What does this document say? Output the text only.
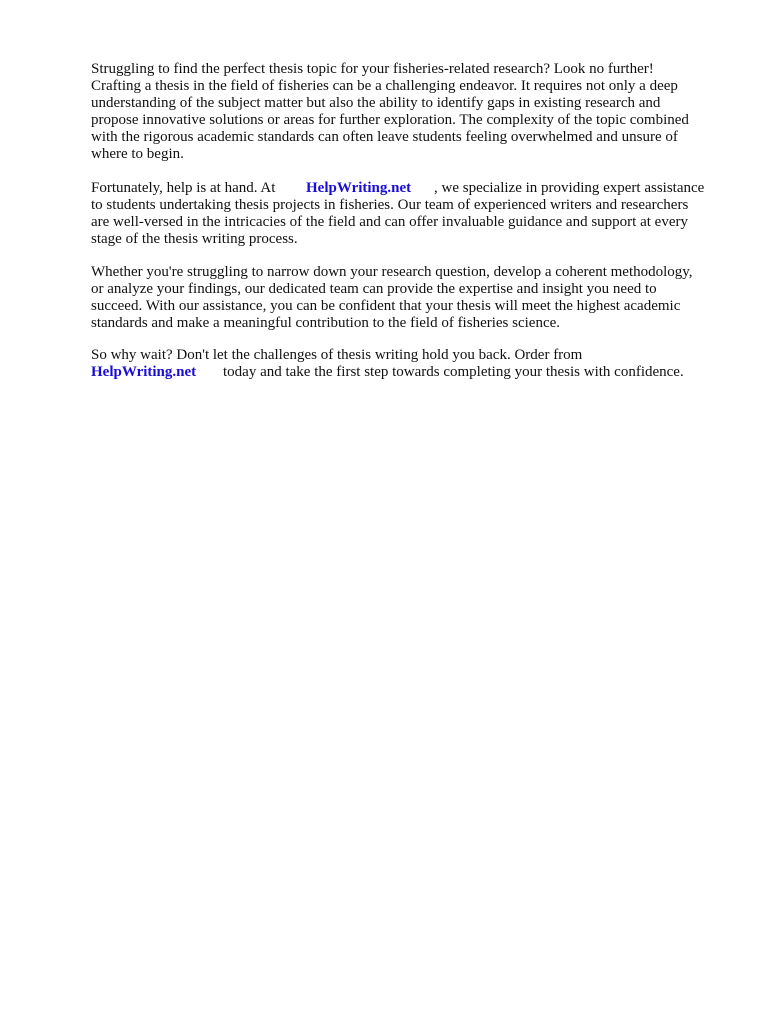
Struggling to find the perfect thesis topic for your fisheries-related research? Look no further!
Crafting a thesis in the field of fisheries can be a challenging endeavor. It requires not only a deep
understanding of the subject matter but also the ability to identify gaps in existing research and
propose innovative solutions or areas for further exploration. The complexity of the topic combined
with the rigorous academic standards can often leave students feeling overwhelmed and unsure of
where to begin.
Fortunately, help is at hand. At HelpWriting.net , we specialize in providing expert assistance
to students undertaking thesis projects in fisheries. Our team of experienced writers and researchers
are well-versed in the intricacies of the field and can offer invaluable guidance and support at every
stage of the thesis writing process.
Whether you're struggling to narrow down your research question, develop a coherent methodology,
or analyze your findings, our dedicated team can provide the expertise and insight you need to
succeed. With our assistance, you can be confident that your thesis will meet the highest academic
standards and make a meaningful contribution to the field of fisheries science.
So why wait? Don't let the challenges of thesis writing hold you back. Order from
HelpWriting.net today and take the first step towards completing your thesis with confidence.
